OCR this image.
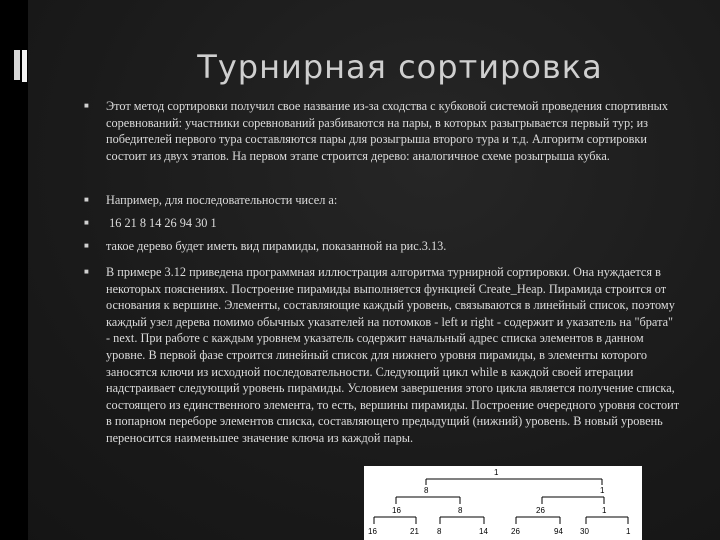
Турнирная сортировка
■
Этот метод сортировки получил свое название из-за сходства с кубковой системой проведения спортивных соревнований: участники соревнований разбиваются на пары, в которых разыгрывается первый тур; из победителей первого тура составляются пары для розыгрыша второго тура и т.д. Алгоритм сортировки состоит из двух этапов. На первом этапе строится дерево: аналогичное схеме розыгрыша кубка.
■
Например, для последовательности чисел а:
■
16 21 8 14 26 94 30 1
■
такое дерево будет иметь вид пирамиды, показанной на рис.3.13.
■
В примере 3.12 приведена программная иллюстрация алгоритма турнирной сортировки. Она нуждается в некоторых пояснениях. Построение пирамиды выполняется функцией Create_Heap. Пирамида строится от основания к вершине. Элементы, составляющие каждый уровень, связываются в линейный список, поэтому каждый узел дерева помимо обычных указателей на потомков - left и right - содержит и указатель на "брата" - next. При работе с каждым уровнем указатель содержит начальный адрес списка элементов в данном уровне. В первой фазе строится линейный список для нижнего уровня пирамиды, в элементы которого заносятся ключи из исходной последовательности. Следующий цикл while в каждой своей итерации надстраивает следующий уровень пирамиды. Условием завершения этого цикла является получение списка, состоящего из единственного элемента, то есть, вершины пирамиды. Построение очередного уровня состоит в попарном переборе элементов списка, составляющего предыдущий (нижний) уровень. В новый уровень переносится наименьшее значение ключа из каждой пары.
1
8	1
16	8	26	1
16	21 8	14	26	94 30	1
